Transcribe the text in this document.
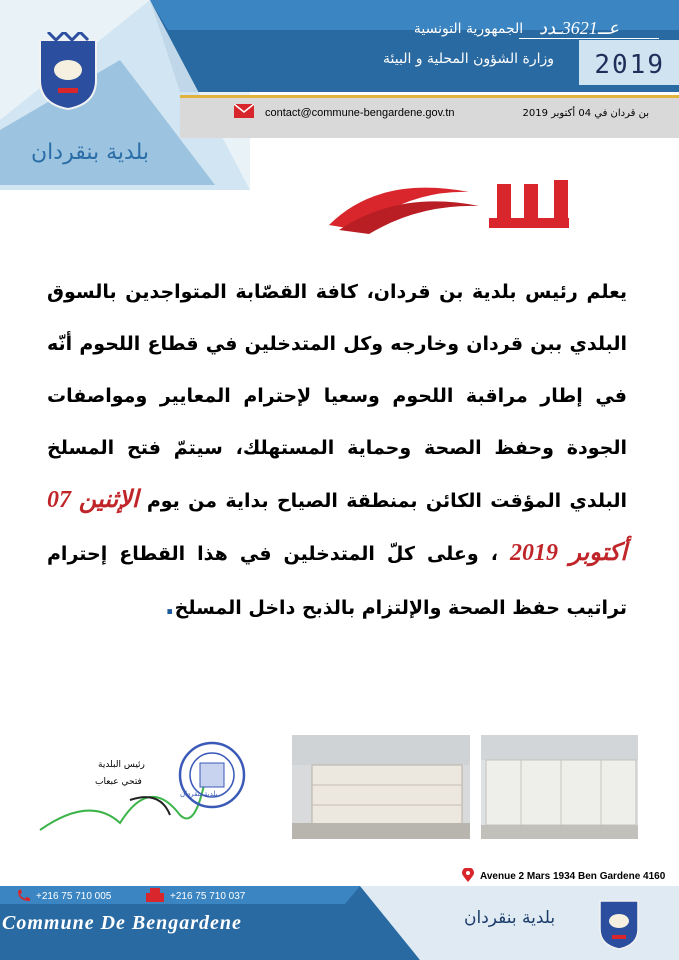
الجمهورية التونسية
وزارة الشؤون المحلية و البيئة
عــ3621ـدد
2019
contact@commune-bengardene.gov.tn	بن قردان في 04 أكتوبر 2019
بلدية بنقردان
إعلام
يعلم رئيس بلدية بن قردان، كافة القصّابة المتواجدين بالسوق البلدي ببن قردان وخارجه وكل المتدخلين في قطاع اللحوم أنّه في إطار مراقبة اللحوم وسعيا لإحترام المعايير ومواصفات الجودة وحفظ الصحة وحماية المستهلك، سيتمّ فتح المسلخ البلدي المؤقت الكائن بمنطقة الصياح بداية من يوم الإثنين 07 أكتوبر 2019 ، وعلى كلّ المتدخلين في هذا القطاع إحترام تراتيب حفظ الصحة والإلتزام بالذبح داخل المسلخ.
رئيس البلدية
فتحي عبعاب
بلدية بنقردان
Avenue 2 Mars 1934 Ben Gardene 4160
+216 75 710 005	+216 75 710 037
Commune De Bengardene	بلدية بنقردان
